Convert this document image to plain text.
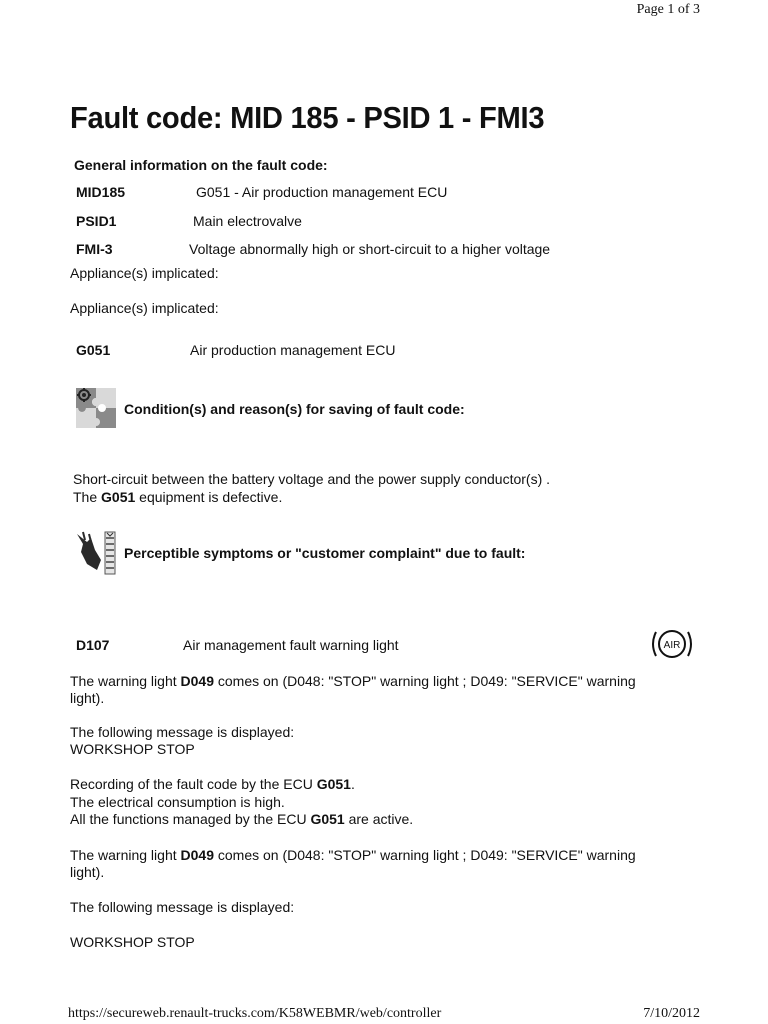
Page 1 of 3
Fault code: MID 185 - PSID 1 - FMI3
General information on the fault code:
MID185	G051 - Air production management ECU
PSID1	Main electrovalve
FMI-3	Voltage abnormally high or short-circuit to a higher voltage
Appliance(s) implicated:
Appliance(s) implicated:
G051	Air production management ECU
Condition(s) and reason(s) for saving of fault code:
Short-circuit between the battery voltage and the power supply conductor(s) .
The G051 equipment is defective.
Perceptible symptoms or "customer complaint" due to fault:
D107	Air management fault warning light	AIR
The warning light D049 comes on (D048: "STOP" warning light ; D049: "SERVICE" warning
light).
The following message is displayed:
WORKSHOP STOP
Recording of the fault code by the ECU G051.
The electrical consumption is high.
All the functions managed by the ECU G051 are active.
The warning light D049 comes on (D048: "STOP" warning light ; D049: "SERVICE" warning
light).
The following message is displayed:
WORKSHOP STOP
https://secureweb.renault-trucks.com/K58WEBMR/web/controller	7/10/2012
